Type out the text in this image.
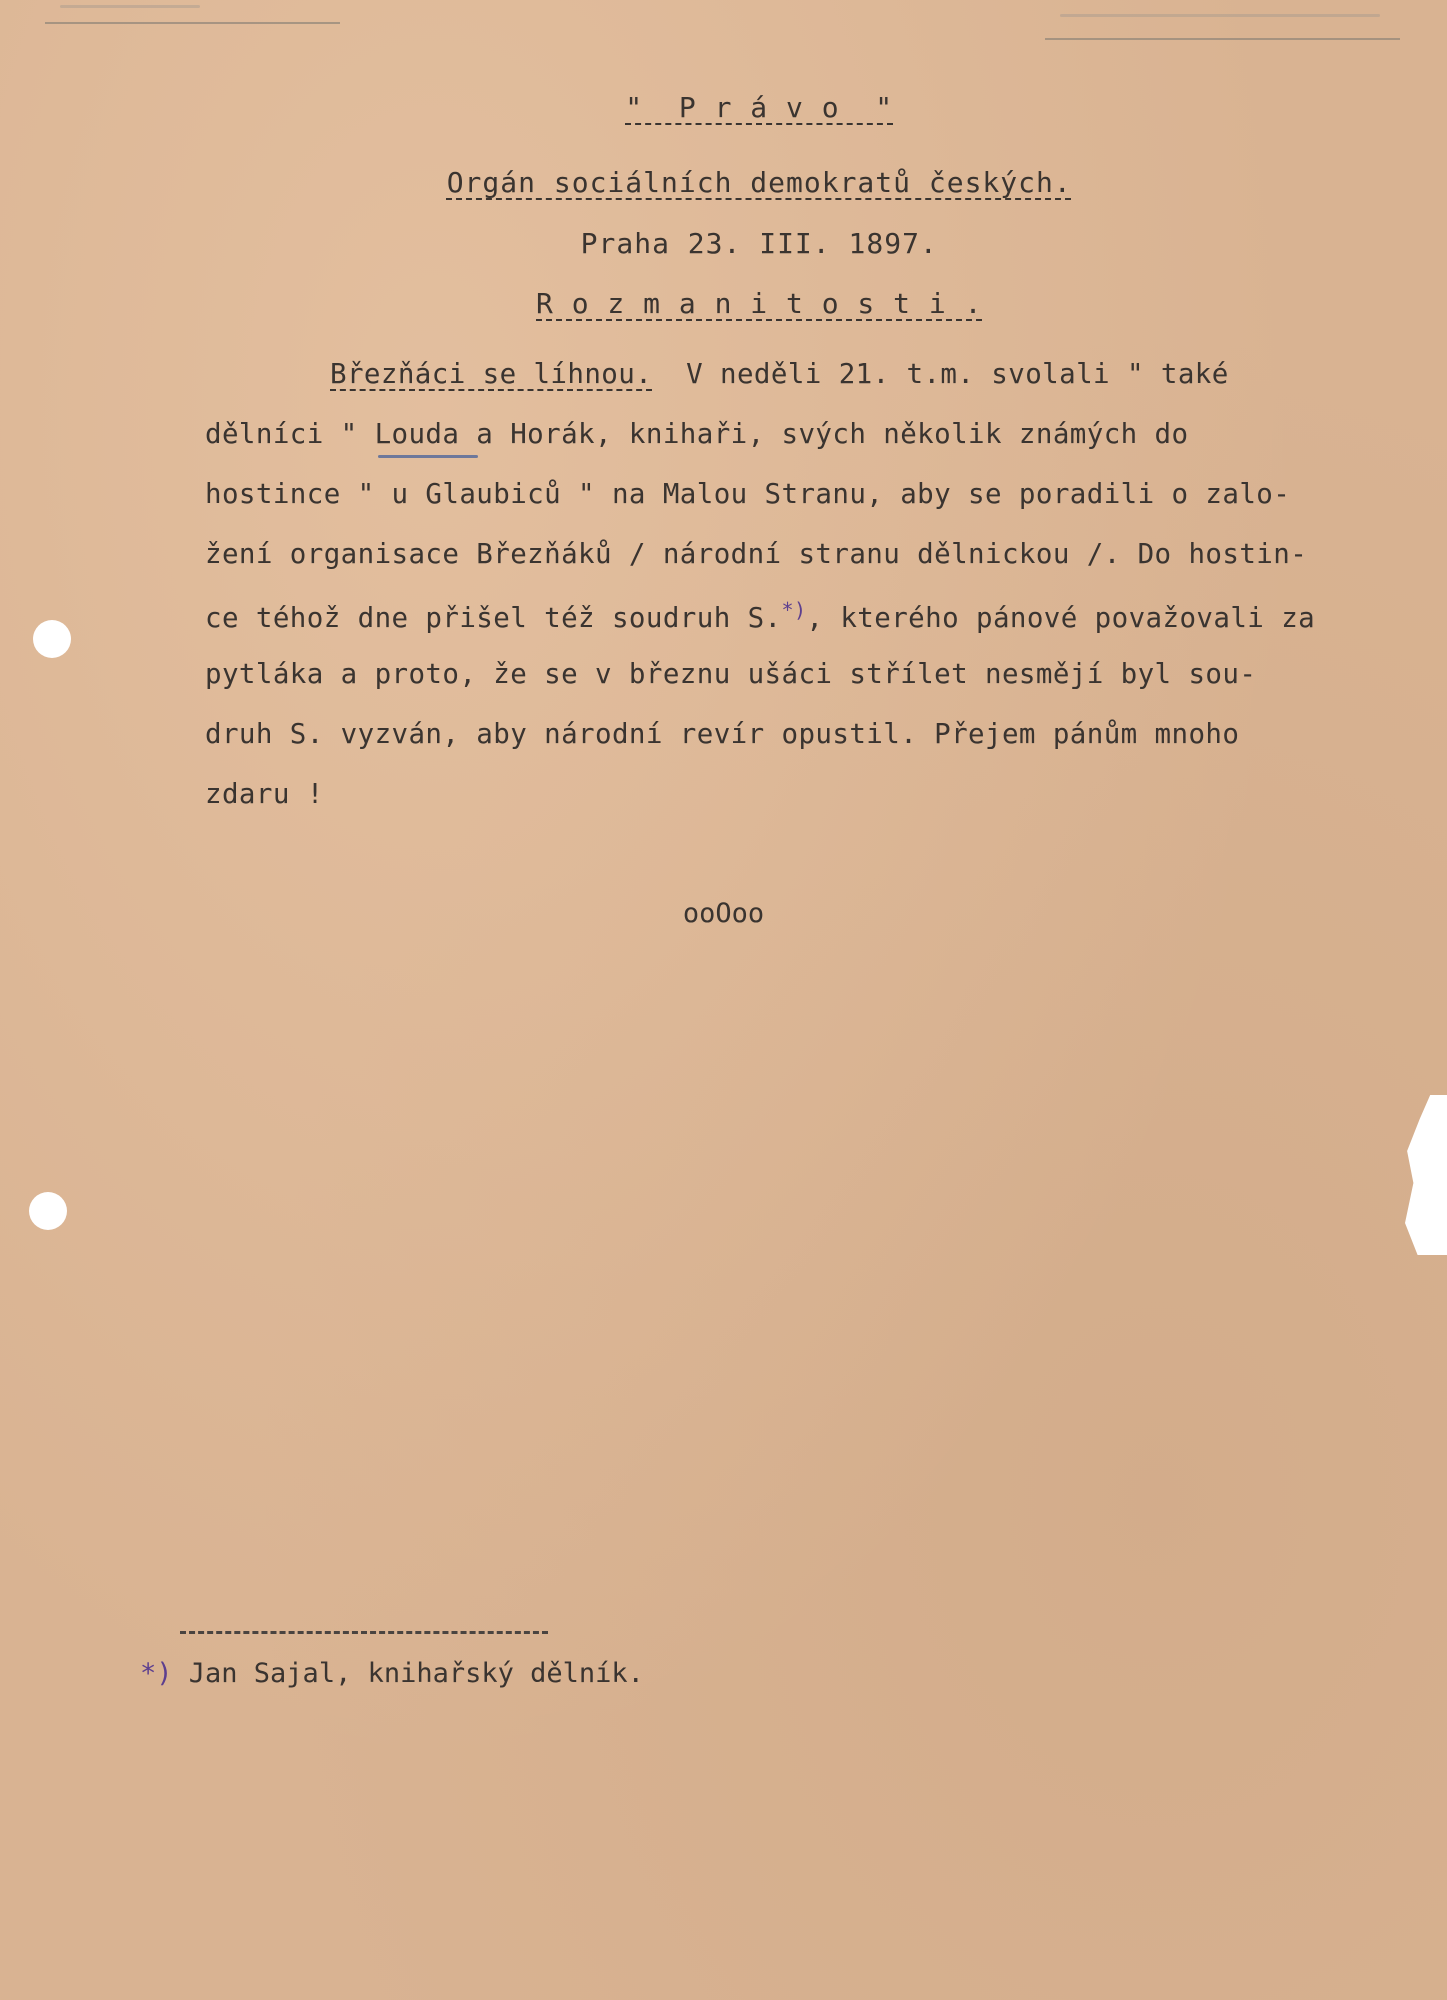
"  P r á v o  "

Orgán sociálních demokratů českých.

Praha 23. III. 1897.

R o z m a n i t o s t i .

Březňáci se líhnou.  V neděli 21. t.m. svolali " také
dělníci " Louda a Horák, knihaři, svých několik známých do
hostince " u Glaubiců " na Malou Stranu, aby se poradili o zalo-
žení organisace Březňáků / národní stranu dělnickou /. Do hostin-
ce téhož dne přišel též soudruh S.*), kterého pánové považovali za
pytláka a proto, že se v březnu ušáci střílet nesmějí byl sou-
druh S. vyzván, aby národní revír opustil. Přejem pánům mnoho
zdaru !
ooOoo
*) Jan Sajal, knihařský dělník.
